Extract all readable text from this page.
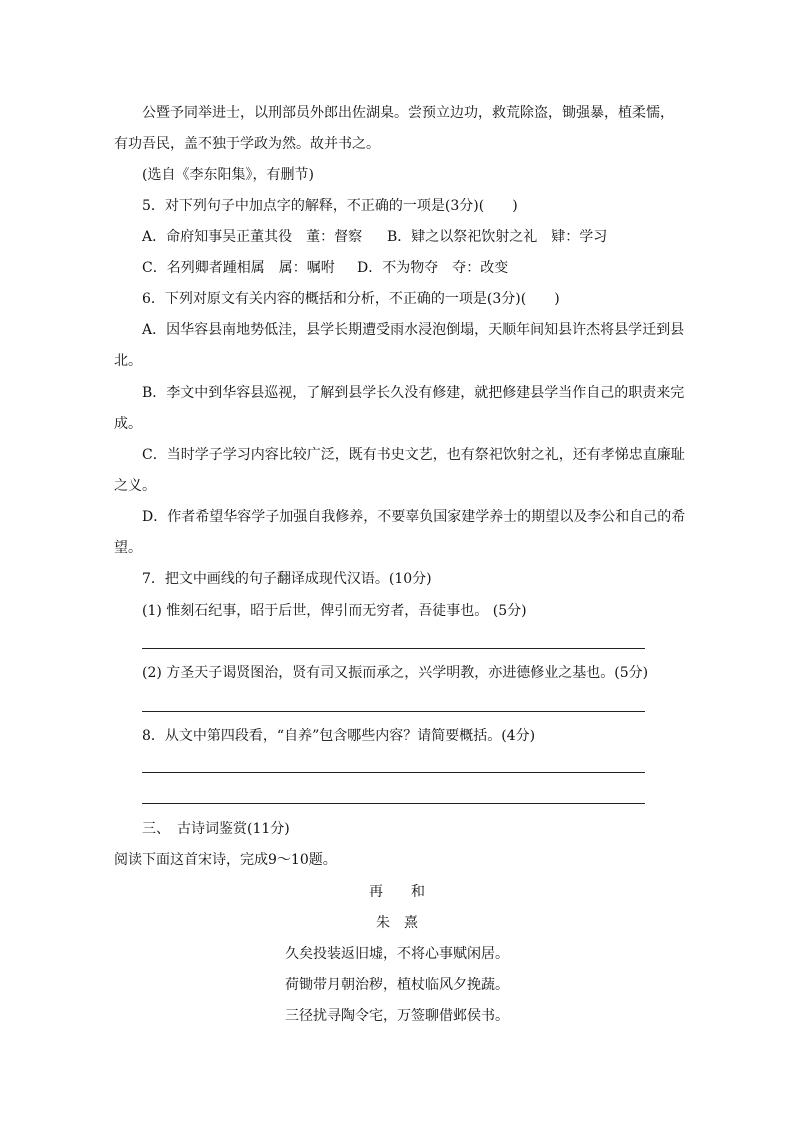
公暨予同举进士，以刑部员外郎出佐湖臬。尝预立边功，救荒除盗，锄强暴，植柔懦，
有功吾民，盖不独于学政为然。故并书之。
(选自《李东阳集》，有删节)
5．对下列句子中加点字的解释，不正确的一项是(3分)(　　)
A．命府知事吴正董其役　董：督察	B．肄之以祭祀饮射之礼　肄：学习
C．名列卿者踵相属　属：嘱咐	D．不为物夺　夺：改变
6．下列对原文有关内容的概括和分析，不正确的一项是(3分)(　　)
A．因华容县南地势低洼，县学长期遭受雨水浸泡倒塌，天顺年间知县许杰将县学迁到县
北。
B．李文中到华容县巡视，了解到县学长久没有修建，就把修建县学当作自己的职责来完
成。
C．当时学子学习内容比较广泛，既有书史文艺，也有祭祀饮射之礼，还有孝悌忠直廉耻
之义。
D．作者希望华容学子加强自我修养，不要辜负国家建学养士的期望以及李公和自己的希
望。
7．把文中画线的句子翻译成现代汉语。(10分)
(1) 惟刻石纪事，昭于后世，俾引而无穷者，吾徒事也。 (5分)
(2) 方圣天子谒贤图治，贤有司又振而承之，兴学明教，亦进德修业之基也。(5分)
8．从文中第四段看，“自养”包含哪些内容？请简要概括。(4分)
三、　古诗词鉴赏(11分)
阅读下面这首宋诗，完成9～10题。
再　　和
朱　熹
久矣投装返旧墟，不将心事赋闲居。
荷锄带月朝治秽，植杖临风夕挽蔬。
三径扰寻陶令宅，万签聊借邺侯书。
